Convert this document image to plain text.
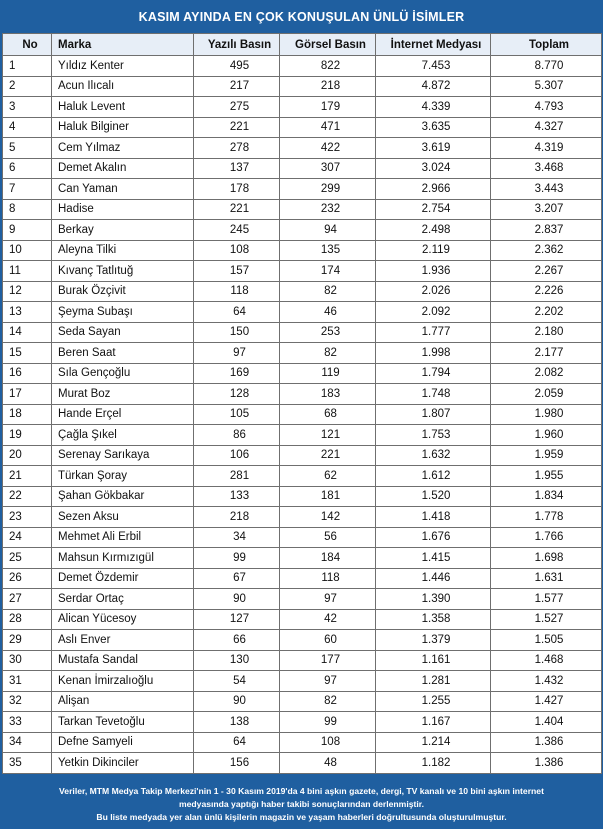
KASIM AYINDA EN ÇOK KONUŞULAN ÜNLÜ İSİMLER
No	Marka	Yazılı Basın	Görsel Basın	İnternet Medyası	Toplam
1	Yıldız Kenter	495	822	7.453	8.770
2	Acun Ilıcalı	217	218	4.872	5.307
3	Haluk Levent	275	179	4.339	4.793
4	Haluk Bilginer	221	471	3.635	4.327
5	Cem Yılmaz	278	422	3.619	4.319
6	Demet Akalın	137	307	3.024	3.468
7	Can Yaman	178	299	2.966	3.443
8	Hadise	221	232	2.754	3.207
9	Berkay	245	94	2.498	2.837
10	Aleyna Tilki	108	135	2.119	2.362
11	Kıvanç Tatlıtuğ	157	174	1.936	2.267
12	Burak Özçivit	118	82	2.026	2.226
13	Şeyma Subaşı	64	46	2.092	2.202
14	Seda Sayan	150	253	1.777	2.180
15	Beren Saat	97	82	1.998	2.177
16	Sıla Gençoğlu	169	119	1.794	2.082
17	Murat Boz	128	183	1.748	2.059
18	Hande Erçel	105	68	1.807	1.980
19	Çağla Şıkel	86	121	1.753	1.960
20	Serenay Sarıkaya	106	221	1.632	1.959
21	Türkan Şoray	281	62	1.612	1.955
22	Şahan Gökbakar	133	181	1.520	1.834
23	Sezen Aksu	218	142	1.418	1.778
24	Mehmet Ali Erbil	34	56	1.676	1.766
25	Mahsun Kırmızıgül	99	184	1.415	1.698
26	Demet Özdemir	67	118	1.446	1.631
27	Serdar Ortaç	90	97	1.390	1.577
28	Alican Yücesoy	127	42	1.358	1.527
29	Aslı Enver	66	60	1.379	1.505
30	Mustafa Sandal	130	177	1.161	1.468
31	Kenan İmirzalıoğlu	54	97	1.281	1.432
32	Alişan	90	82	1.255	1.427
33	Tarkan Tevetoğlu	138	99	1.167	1.404
34	Defne Samyeli	64	108	1.214	1.386
35	Yetkin Dikinciler	156	48	1.182	1.386
Veriler, MTM Medya Takip Merkezi'nin 1 - 30 Kasım 2019'da 4 bini aşkın gazete, dergi, TV kanalı ve 10 bini aşkın internet
medyasında yaptığı haber takibi sonuçlarından derlenmiştir.
Bu liste medyada yer alan ünlü kişilerin magazin ve yaşam haberleri doğrultusunda oluşturulmuştur.
